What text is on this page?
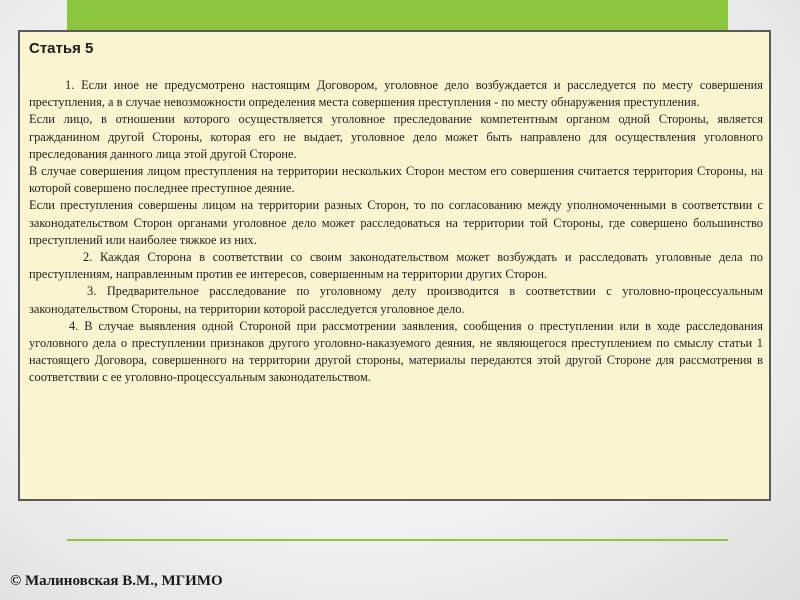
Статья 5

1. Если иное не предусмотрено настоящим Договором, уголовное дело возбуждается и расследуется по месту совершения преступления, а в случае невозможности определения места совершения преступления - по месту обнаружения преступления.

Если лицо, в отношении которого осуществляется уголовное преследование компетентным органом одной Стороны, является гражданином другой Стороны, которая его не выдает, уголовное дело может быть направлено для осуществления уголовного преследования данного лица этой другой Стороне.

В случае совершения лицом преступления на территории нескольких Сторон местом его совершения считается территория Стороны, на которой совершено последнее преступное деяние.

Если преступления совершены лицом на территории разных Сторон, то по согласованию между уполномоченными в соответствии с законодательством Сторон органами уголовное дело может расследоваться на территории той Стороны, где совершено большинство преступлений или наиболее тяжкое из них.

2. Каждая Сторона в соответствии со своим законодательством может возбуждать и расследовать уголовные дела по преступлениям, направленным против ее интересов, совершенным на территории других Сторон.

3. Предварительное расследование по уголовному делу производится в соответствии с уголовно-процессуальным законодательством Стороны, на территории которой расследуется уголовное дело.

4. В случае выявления одной Стороной при рассмотрении заявления, сообщения о преступлении или в ходе расследования уголовного дела о преступлении признаков другого уголовно-наказуемого деяния, не являющегося преступлением по смыслу статьи 1 настоящего Договора, совершенного на территории другой стороны, материалы передаются этой другой Стороне для рассмотрения в соответствии с ее уголовно-процессуальным законодательством.

© Малиновская В.М., МГИМО
